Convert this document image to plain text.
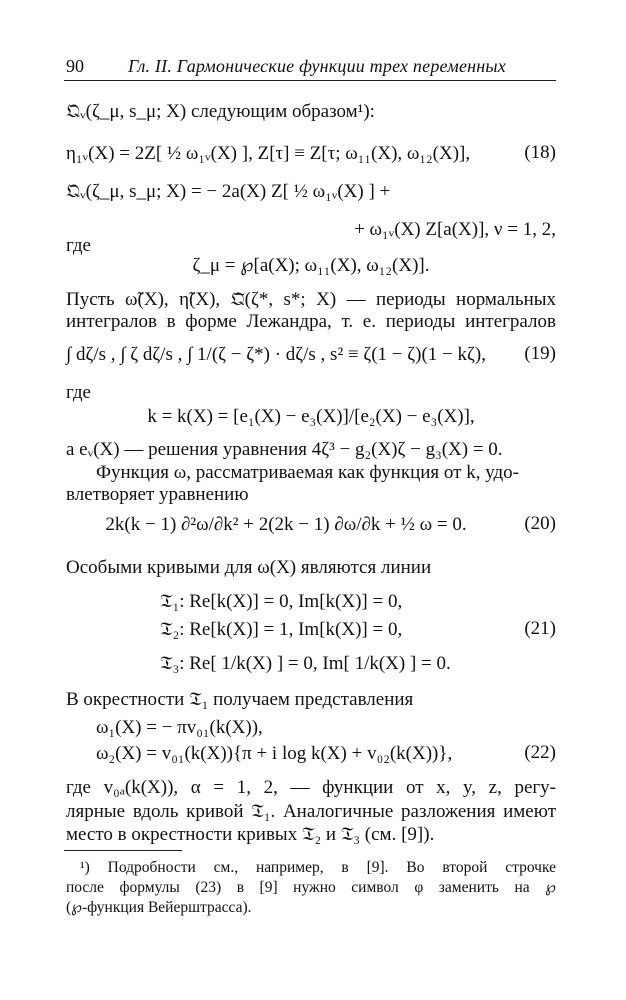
90 Гл. II. Гармонические функции трех переменных
𝔔ᵥ(ζ_μ, s_μ; X) следующим образом¹):
η₁ᵥ(X) = 2Z[ ½ ω₁ᵥ(X) ], Z[τ] ≡ Z[τ; ω₁₁(X), ω₁₂(X)],	(18)
𝔔ᵥ(ζ_μ, s_μ; X) = − 2a(X) Z[ ½ ω₁ᵥ(X) ] +
+ ω₁ᵥ(X) Z[a(X)], ν = 1, 2,
где
ζ_μ = ℘[a(X); ω₁₁(X), ω₁₂(X)].
Пусть ω̃(X), η̃(X), 𝔔̃(ζ*, s*; X) — периоды нормальных
интегралов в форме Лежандра, т. е. периоды интегралов
∫ dζ/s , ∫ ζ dζ/s , ∫ 1/(ζ − ζ*) · dζ/s , s² ≡ ζ(1 − ζ)(1 − kζ),	(19)
где
k = k(X) = [e₁(X) − e₃(X)]/[e₂(X) − e₃(X)],
а eᵥ(X) — решения уравнения 4ζ³ − g₂(X)ζ − g₃(X) = 0.
Функция ω, рассматриваемая как функция от k, удо-
влетворяет уравнению
2k(k − 1) ∂²ω/∂k² + 2(2k − 1) ∂ω/∂k + ½ ω = 0.	(20)
Особыми кривыми для ω(X) являются линии
𝔗₁: Re[k(X)] = 0, Im[k(X)] = 0,
𝔗₂: Re[k(X)] = 1, Im[k(X)] = 0,	(21)
𝔗₃: Re[ 1/k(X) ] = 0, Im[ 1/k(X) ] = 0.
В окрестности 𝔗₁ получаем представления
ω₁(X) = − πv₀₁(k(X)),
ω₂(X) = v₀₁(k(X)){π + i log k(X) + v₀₂(k(X))},	(22)
где v₀ₐ(k(X)), α = 1, 2, — функции от x, y, z, регу-
лярные вдоль кривой 𝔗₁. Аналогичные разложения имеют
место в окрестности кривых 𝔗₂ и 𝔗₃ (см. [9]).
¹) Подробности см., например, в [9]. Во второй строчке
после формулы (23) в [9] нужно символ φ заменить на ℘
(℘-функция Вейерштрасса).
